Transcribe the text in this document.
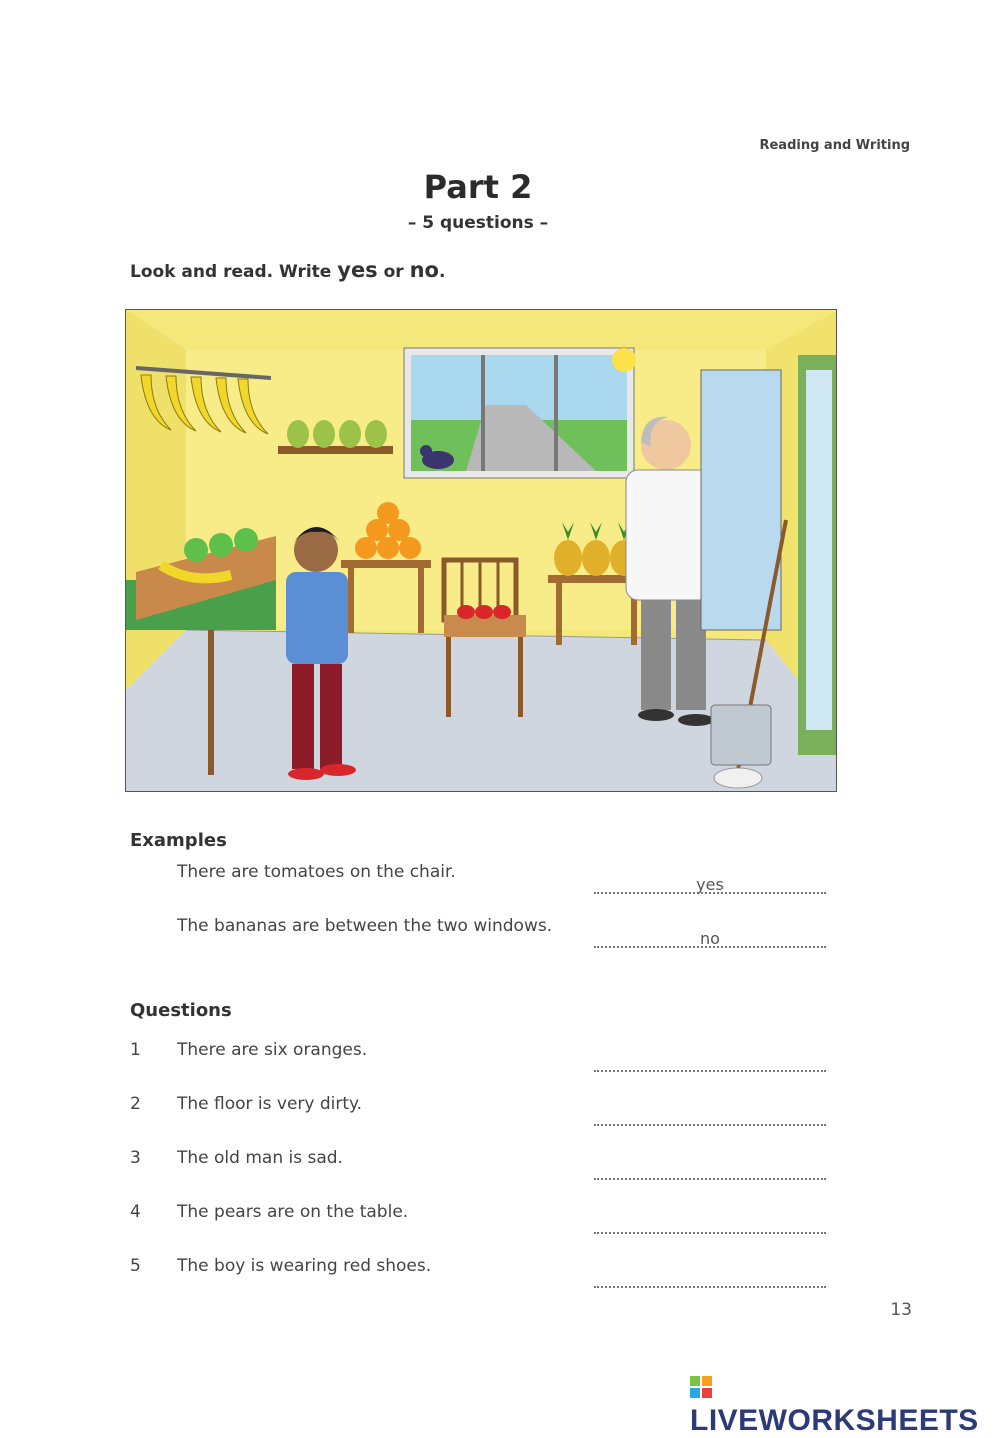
Reading and Writing
Part 2
– 5 questions –
Look and read. Write yes or no.
Examples
There are tomatoes on the chair.
yes
The bananas are between the two windows.
no
Questions
1	There are six oranges.
2	The floor is very dirty.
3	The old man is sad.
4	The pears are on the table.
5	The boy is wearing red shoes.
13
LIVEWORKSHEETS
